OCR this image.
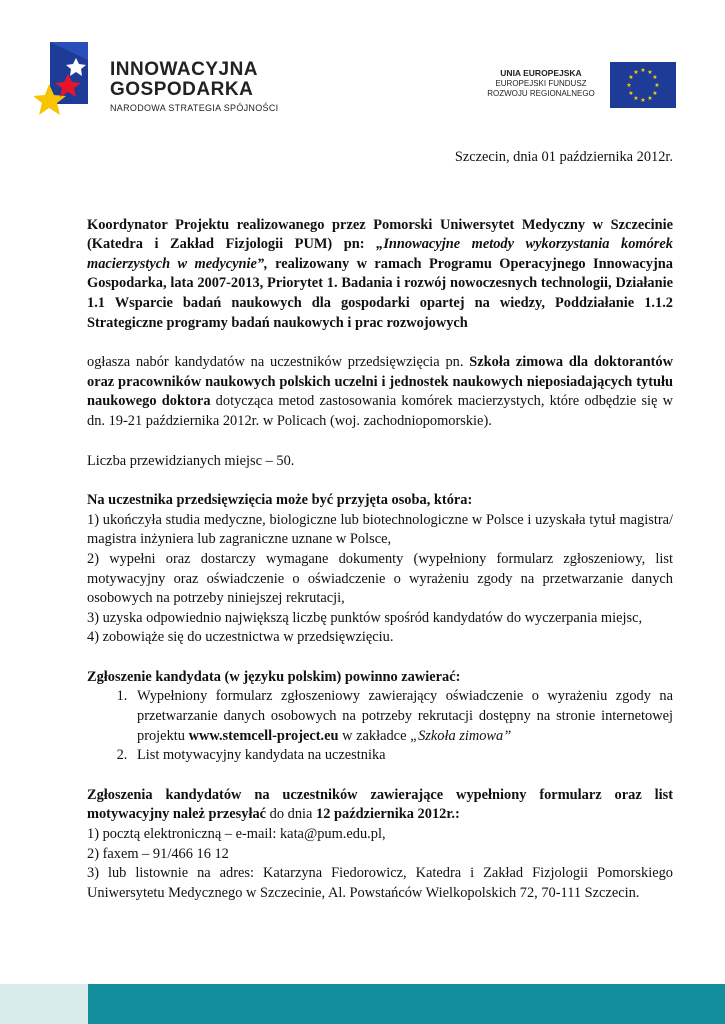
INNOWACYJNA
GOSPODARKA
NARODOWA STRATEGIA SPÓJNOŚCI
UNIA EUROPEJSKA
EUROPEJSKI FUNDUSZ
ROZWOJU REGIONALNEGO
★ ★
★
★
★
★
★
★
★
★
★
★

Szczecin, dnia 01 października 2012r.

Koordynator Projektu realizowanego przez Pomorski Uniwersytet Medyczny w Szczecinie (Katedra i Zakład Fizjologii PUM) pn: „Innowacyjne metody wykorzystania komórek macierzystych w medycynie”, realizowany w ramach Programu Operacyjnego Innowacyjna Gospodarka, lata 2007-2013, Priorytet 1. Badania i rozwój nowoczesnych technologii, Działanie 1.1 Wsparcie badań naukowych dla gospodarki opartej na wiedzy, Poddziałanie 1.1.2 Strategiczne programy badań naukowych i prac rozwojowych

ogłasza nabór kandydatów na uczestników przedsięwzięcia pn. Szkoła zimowa dla doktorantów oraz pracowników naukowych polskich uczelni i jednostek naukowych nieposiadających tytułu naukowego doktora dotycząca metod zastosowania komórek macierzystych, które odbędzie się w dn. 19-21 października 2012r. w Policach (woj. zachodniopomorskie).

Liczba przewidzianych miejsc – 50.

Na uczestnika przedsięwzięcia może być przyjęta osoba, która:

1) ukończyła studia medyczne, biologiczne lub biotechnologiczne w Polsce i uzyskała tytuł magistra/ magistra inżyniera lub zagraniczne uznane w Polsce,

2) wypełni oraz dostarczy wymagane dokumenty (wypełniony formularz zgłoszeniowy, list motywacyjny oraz oświadczenie o oświadczenie o wyrażeniu zgody na przetwarzanie danych osobowych na potrzeby niniejszej rekrutacji,

3) uzyska odpowiednio największą liczbę punktów spośród kandydatów do wyczerpania miejsc,

4) zobowiąże się do uczestnictwa w przedsięwzięciu.

Zgłoszenie kandydata (w języku polskim) powinno zawierać:

1. Wypełniony formularz zgłoszeniowy zawierający oświadczenie o wyrażeniu zgody na przetwarzanie danych osobowych na potrzeby rekrutacji dostępny na stronie internetowej projektu www.stemcell-project.eu w zakładce „Szkoła zimowa”
2. List motywacyjny kandydata na uczestnika

Zgłoszenia kandydatów na uczestników zawierające wypełniony formularz oraz list motywacyjny należ przesyłać do dnia 12 października 2012r.:

1) pocztą elektroniczną – e-mail: kata@pum.edu.pl,

2) faxem – 91/466 16 12

3) lub listownie na adres: Katarzyna Fiedorowicz, Katedra i Zakład Fizjologii Pomorskiego Uniwersytetu Medycznego w Szczecinie, Al. Powstańców Wielkopolskich 72, 70-111 Szczecin.
